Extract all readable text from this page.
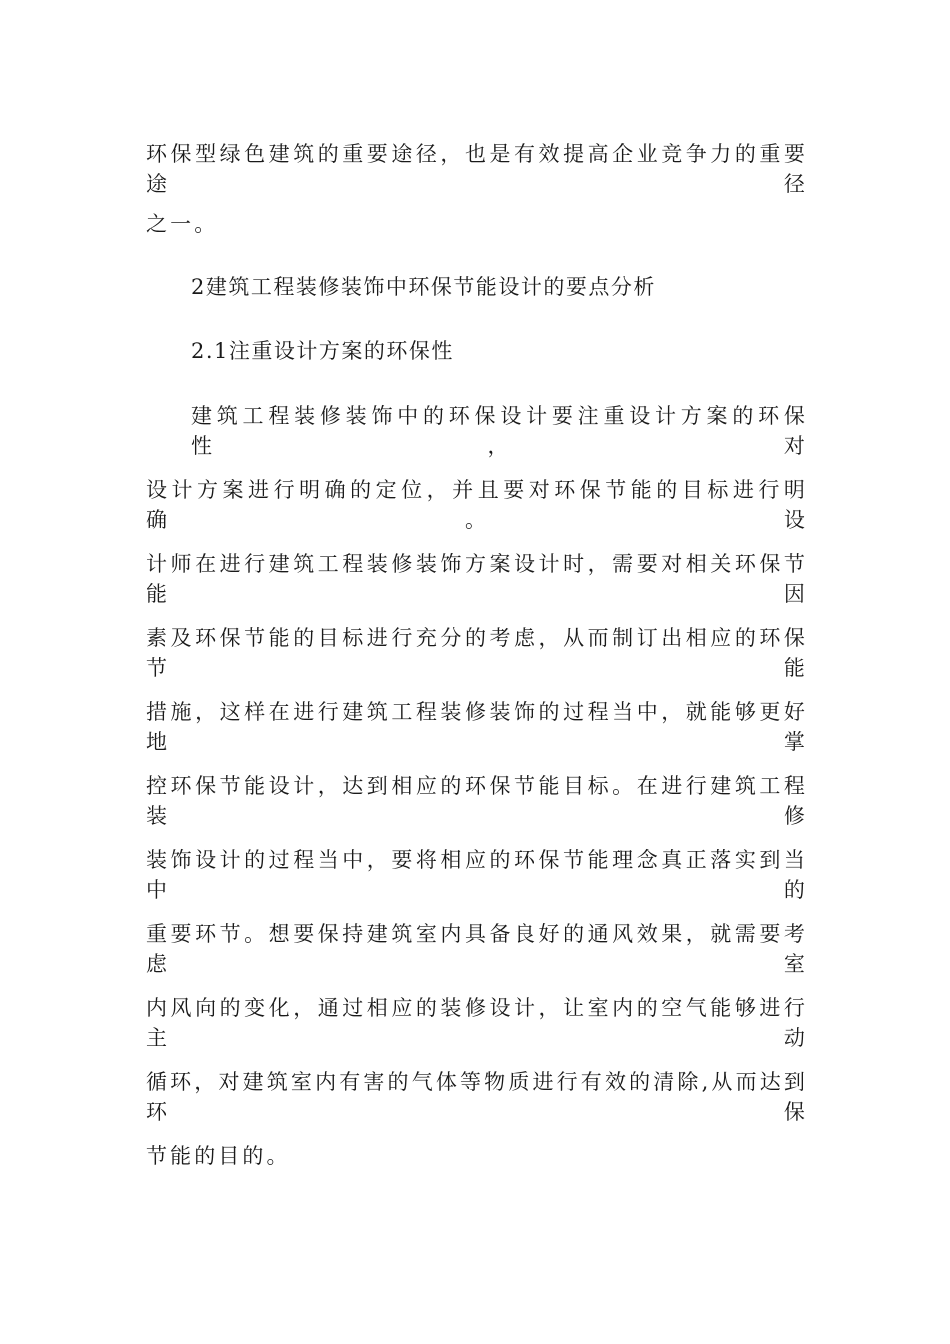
环保型绿色建筑的重要途径，也是有效提高企业竞争力的重要途径
之一。
2建筑工程装修装饰中环保节能设计的要点分析
2.1注重设计方案的环保性
建筑工程装修装饰中的环保设计要注重设计方案的环保性，对
设计方案进行明确的定位，并且要对环保节能的目标进行明确。设
计师在进行建筑工程装修装饰方案设计时，需要对相关环保节能因
素及环保节能的目标进行充分的考虑，从而制订出相应的环保节能
措施，这样在进行建筑工程装修装饰的过程当中，就能够更好地掌
控环保节能设计，达到相应的环保节能目标。在进行建筑工程装修
装饰设计的过程当中，要将相应的环保节能理念真正落实到当中的
重要环节。想要保持建筑室内具备良好的通风效果，就需要考虑室
内风向的变化，通过相应的装修设计，让室内的空气能够进行主动
循环，对建筑室内有害的气体等物质进行有效的清除,从而达到环保
节能的目的。
